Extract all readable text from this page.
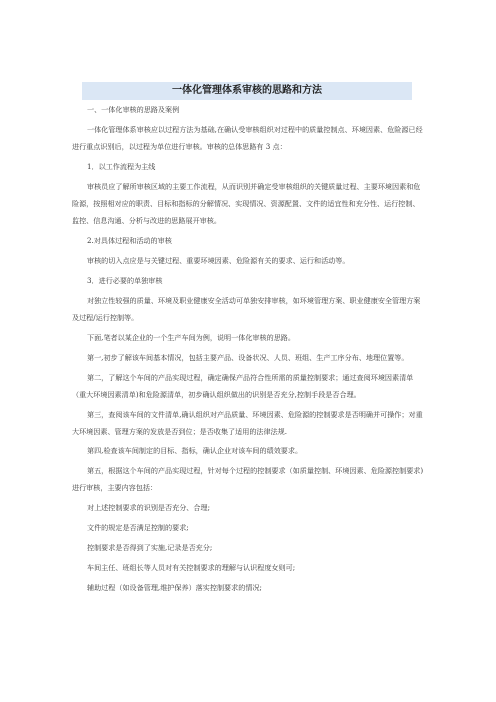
一体化管理体系审核的思路和方法

一、一体化审核的思路及案例

一体化管理体系审核应以过程方法为基础,在确认受审核组织对过程中的质量控制点、环境因素、危险源已经进行重点识别后，以过程为单位进行审核。审核的总体思路有 3 点：

1．以工作流程为主线

审核员应了解所审核区域的主要工作流程，从而识别并确定受审核组织的关键质量过程、主要环境因素和危险源，按照相对应的职责、目标和指标的分解情况、实现情况、资源配置、文件的适宜性和充分性、运行控制、监控、信息沟通、分析与改进的思路展开审核。

2.对具体过程和活动的审核

审核的切入点应是与关键过程、重要环境因素、危险源有关的要求、运行和活动等。

3．进行必要的单独审核

对独立性较强的质量、环境及职业健康安全活动可单独安排审核，如环境管理方案、职业健康安全管理方案及过程/运行控制等。

下面,笔者以某企业的一个生产车间为例，说明一体化审核的思路。

第一,初步了解该车间基本情况，包括主要产品、设备状况、人员、班组、生产工序分布、地理位置等。

第二，了解这个车间的产品实现过程，确定确保产品符合性所需的质量控制要求；通过查阅环境因素清单（重大环境因素清单)和危险源清单，初步确认组织做出的识别是否充分,控制手段是否合理。

第三，查阅该车间的文件清单,确认组织对产品质量、环境因素、危险源的控制要求是否明确并可操作；对重大环境因素、管理方案的发放是否到位；是否收集了适用的法律法规.

第四,检查该车间制定的目标、指标，确认企业对该车间的绩效要求。

第五，根据这个车间的产品实现过程，针对每个过程的控制要求（如质量控制、环境因素、危险源控制要求)进行审核，主要内容包括：

对上述控制要求的识别是否充分、合理;

文件的规定是否满足控制的要求;

控制要求是否得到了实施,记录是否充分;

车间主任、班组长等人员对有关控制要求的理解与认识程度女则可;

辅助过程（如设备管理,维护保养）落实控制要求的情况;
